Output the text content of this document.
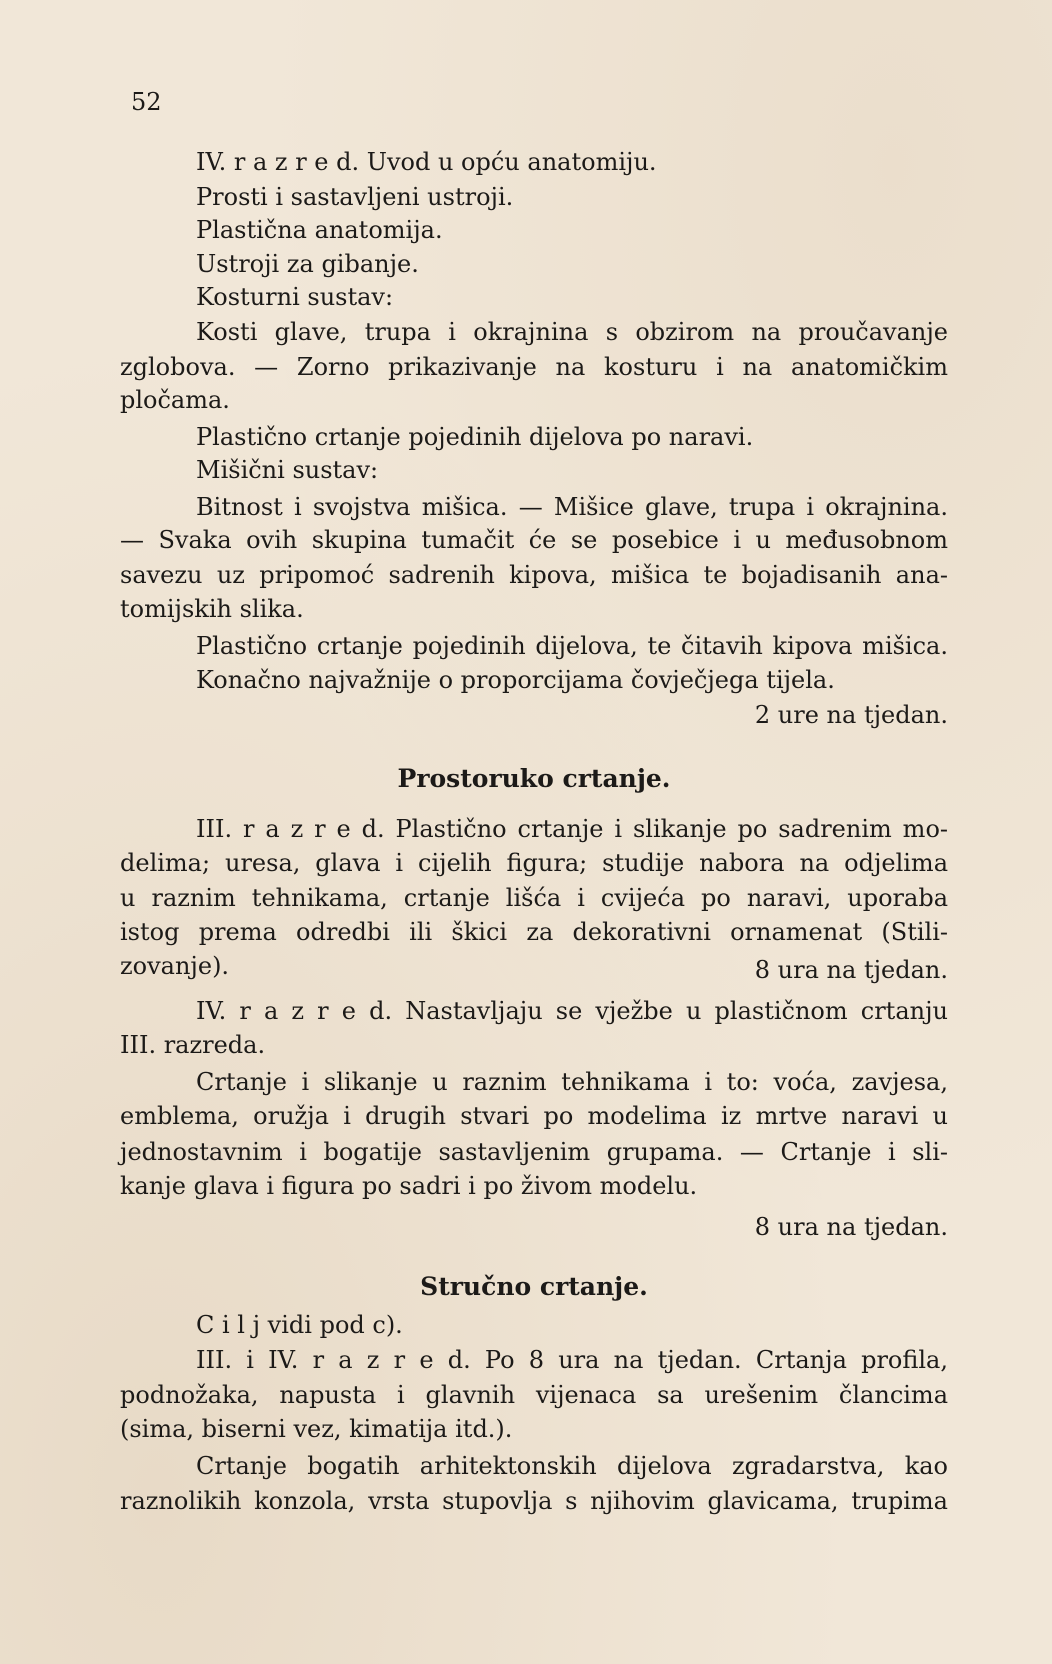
52
IV. r a z r e d. Uvod u opću anatomiju.
Prosti i sastavljeni ustroji.
Plastična anatomija.
Ustroji za gibanje.
Kosturni sustav:
Kosti glave, trupa i okrajnina s obzirom na proučavanje
zglobova. — Zorno prikazivanje na kosturu i na anatomičkim
pločama.
Plastično crtanje pojedinih dijelova po naravi.
Mišični sustav:
Bitnost i svojstva mišica. — Mišice glave, trupa i okrajnina.
— Svaka ovih skupina tumačit će se posebice i u međusobnom
savezu uz pripomoć sadrenih kipova, mišica te bojadisanih ana-
tomijskih slika.
Plastično crtanje pojedinih dijelova, te čitavih kipova mišica.
Konačno najvažnije o proporcijama čovječjega tijela.
2 ure na tjedan.
Prostoruko crtanje.
III. r a z r e d. Plastično crtanje i slikanje po sadrenim mo-
delima; uresa, glava i cijelih figura; studije nabora na odjelima
u raznim tehnikama, crtanje lišća i cvijeća po naravi, uporaba
istog prema odredbi ili škici za dekorativni ornamenat (Stili-
zovanje).	8 ura na tjedan.
IV. r a z r e d. Nastavljaju se vježbe u plastičnom crtanju
III. razreda.
Crtanje i slikanje u raznim tehnikama i to: voća, zavjesa,
emblema, oružja i drugih stvari po modelima iz mrtve naravi u
jednostavnim i bogatije sastavljenim grupama. — Crtanje i sli-
kanje glava i figura po sadri i po živom modelu.
8 ura na tjedan.
Stručno crtanje.
C i l j vidi pod c).
III. i IV. r a z r e d. Po 8 ura na tjedan. Crtanja profila,
podnožaka, napusta i glavnih vijenaca sa urešenim člancima
(sima, biserni vez, kimatija itd.).
Crtanje bogatih arhitektonskih dijelova zgradarstva, kao
raznolikih konzola, vrsta stupovlja s njihovim glavicama, trupima
